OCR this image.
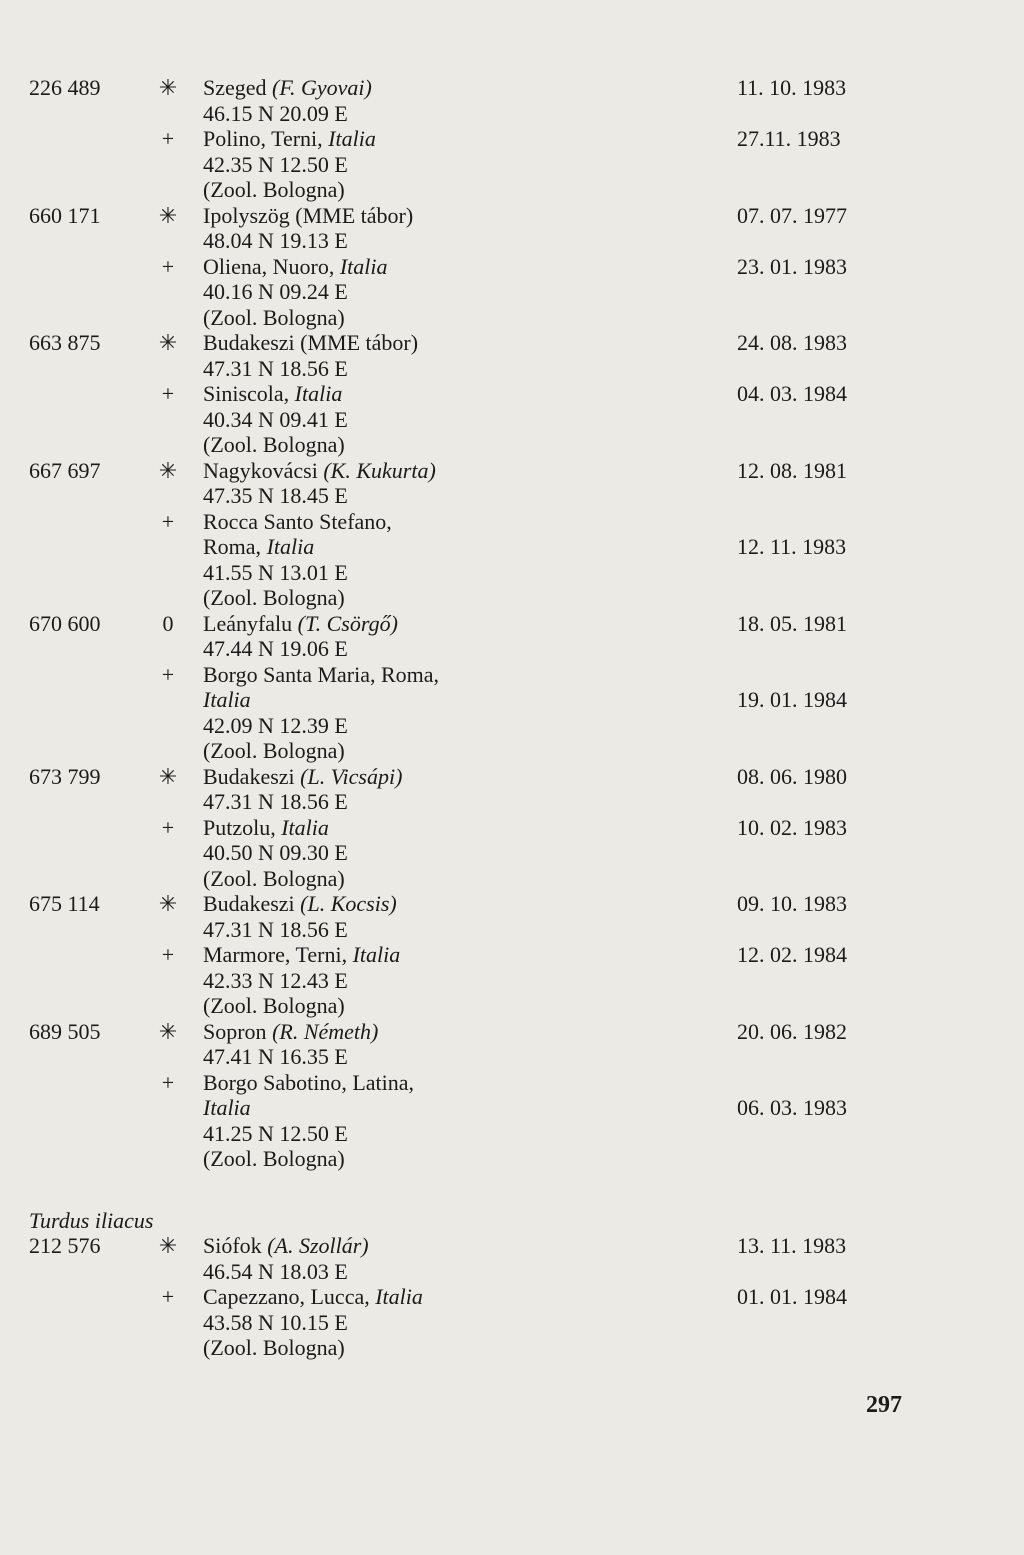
226 489	✳	Szeged (F. Gyovai)	11. 10. 1983
46.15 N 20.09 E
+	Polino, Terni, Italia	27.11. 1983
42.35 N 12.50 E
(Zool. Bologna)
660 171	✳	Ipolyszög (MME tábor)	07. 07. 1977
48.04 N 19.13 E
+	Oliena, Nuoro, Italia	23. 01. 1983
40.16 N 09.24 E
(Zool. Bologna)
663 875	✳	Budakeszi (MME tábor)	24. 08. 1983
47.31 N 18.56 E
+	Siniscola, Italia	04. 03. 1984
40.34 N 09.41 E
(Zool. Bologna)
667 697	✳	Nagykovácsi (K. Kukurta)	12. 08. 1981
47.35 N 18.45 E
+	Rocca Santo Stefano,
Roma, Italia	12. 11. 1983
41.55 N 13.01 E
(Zool. Bologna)
670 600	0	Leányfalu (T. Csörgő)	18. 05. 1981
47.44 N 19.06 E
+	Borgo Santa Maria, Roma,
Italia	19. 01. 1984
42.09 N 12.39 E
(Zool. Bologna)
673 799	✳	Budakeszi (L. Vicsápi)	08. 06. 1980
47.31 N 18.56 E
+	Putzolu, Italia	10. 02. 1983
40.50 N 09.30 E
(Zool. Bologna)
675 114	✳	Budakeszi (L. Kocsis)	09. 10. 1983
47.31 N 18.56 E
+	Marmore, Terni, Italia	12. 02. 1984
42.33 N 12.43 E
(Zool. Bologna)
689 505	✳	Sopron (R. Németh)	20. 06. 1982
47.41 N 16.35 E
+	Borgo Sabotino, Latina,
Italia	06. 03. 1983
41.25 N 12.50 E
(Zool. Bologna)
212 576	✳	Siófok (A. Szollár)	13. 11. 1983
46.54 N 18.03 E
+	Capezzano, Lucca, Italia	01. 01. 1984
43.58 N 10.15 E
(Zool. Bologna)
Turdus iliacus
297
